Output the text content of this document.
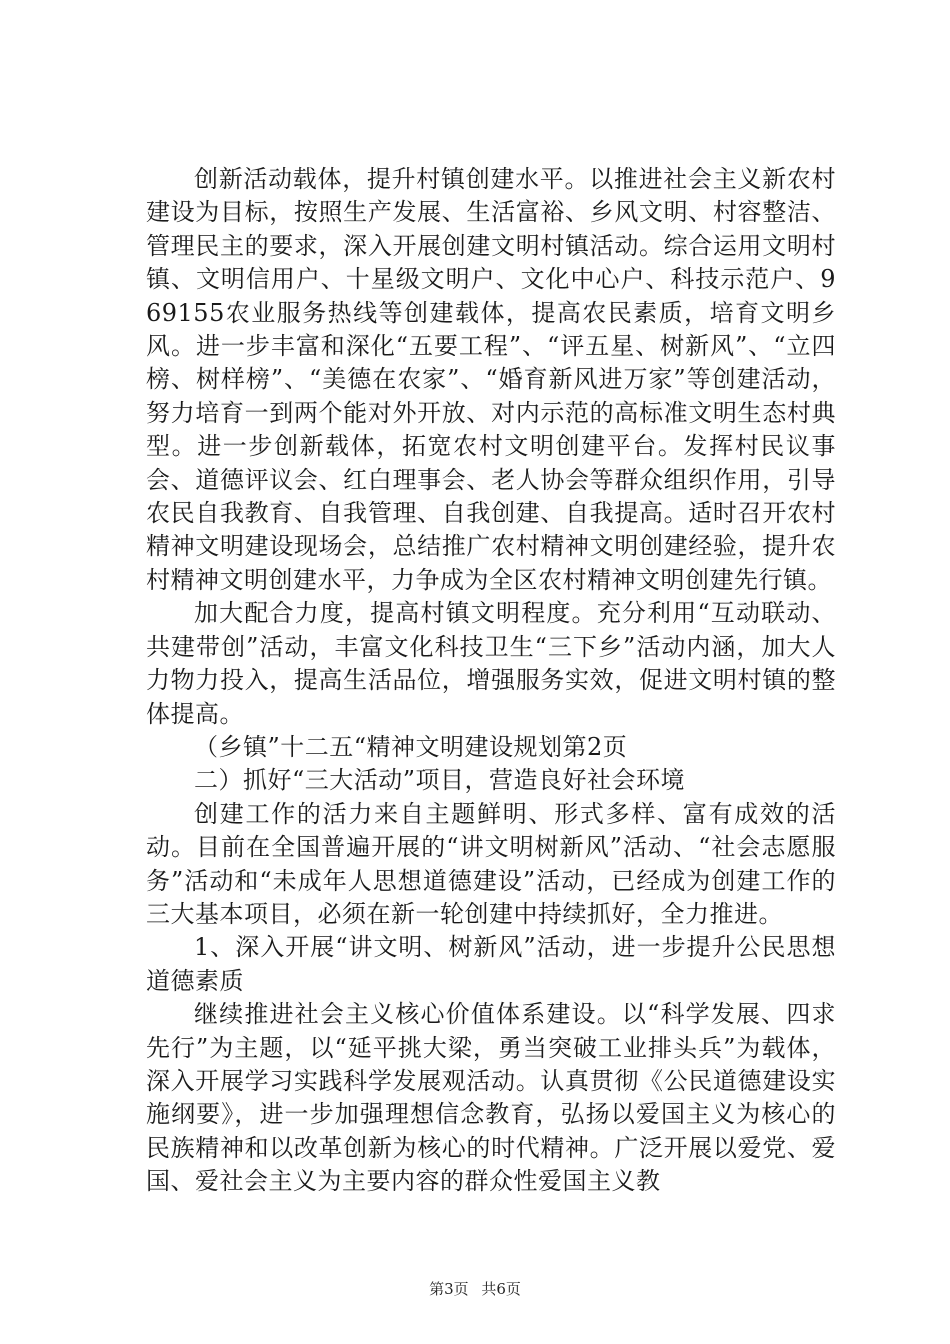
创新活动载体，提升村镇创建水平。以推进社会主义新农村建设为目标，按照生产发展、生活富裕、乡风文明、村容整洁、管理民主的要求，深入开展创建文明村镇活动。综合运用文明村镇、文明信用户、十星级文明户、文化中心户、科技示范户、969155农业服务热线等创建载体，提高农民素质，培育文明乡风。进一步丰富和深化“五要工程”、“评五星、树新风”、“立四榜、树样榜”、“美德在农家”、“婚育新风进万家”等创建活动，努力培育一到两个能对外开放、对内示范的高标准文明生态村典型。进一步创新载体，拓宽农村文明创建平台。发挥村民议事会、道德评议会、红白理事会、老人协会等群众组织作用，引导农民自我教育、自我管理、自我创建、自我提高。适时召开农村精神文明建设现场会，总结推广农村精神文明创建经验，提升农村精神文明创建水平，力争成为全区农村精神文明创建先行镇。

加大配合力度，提高村镇文明程度。充分利用“互动联动、共建带创”活动，丰富文化科技卫生“三下乡”活动内涵，加大人力物力投入，提高生活品位，增强服务实效，促进文明村镇的整体提高。

（乡镇”十二五“精神文明建设规划第2页

二）抓好“三大活动”项目，营造良好社会环境

创建工作的活力来自主题鲜明、形式多样、富有成效的活动。目前在全国普遍开展的“讲文明树新风”活动、“社会志愿服务”活动和“未成年人思想道德建设”活动，已经成为创建工作的三大基本项目，必须在新一轮创建中持续抓好，全力推进。

1、深入开展“讲文明、树新风”活动，进一步提升公民思想道德素质

继续推进社会主义核心价值体系建设。以“科学发展、四求先行”为主题，以“延平挑大梁，勇当突破工业排头兵”为载体，深入开展学习实践科学发展观活动。认真贯彻《公民道德建设实施纲要》，进一步加强理想信念教育，弘扬以爱国主义为核心的民族精神和以改革创新为核心的时代精神。广泛开展以爱党、爱国、爱社会主义为主要内容的群众性爱国主义教

第3页 共6页
